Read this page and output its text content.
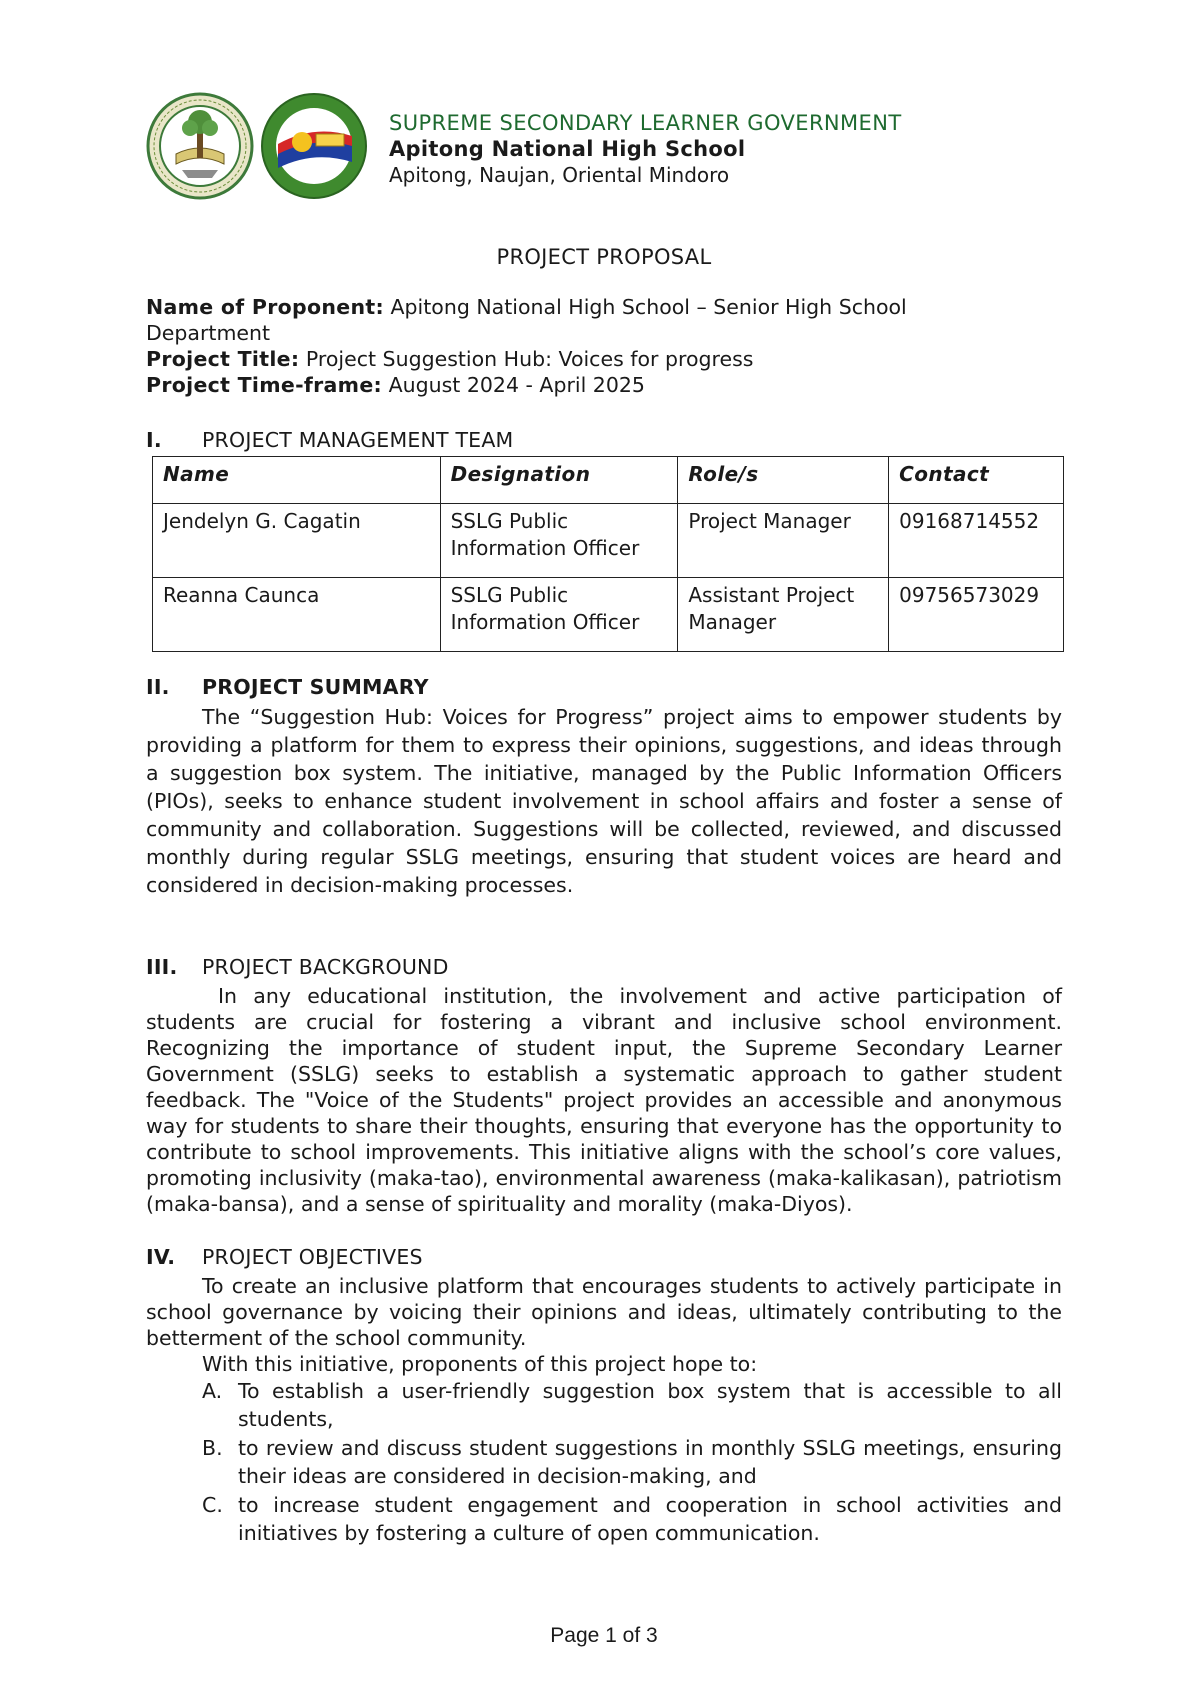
SUPREME SECONDARY LEARNER GOVERNMENT
Apitong National High School
Apitong, Naujan, Oriental Mindoro
PROJECT PROPOSAL
Name of Proponent: Apitong National High School – Senior High School Department
Project Title: Project Suggestion Hub: Voices for progress
Project Time-frame: August 2024 - April 2025
I. PROJECT MANAGEMENT TEAM
Name	Designation	Role/s	Contact
Jendelyn G. Cagatin	SSLG Public Information Officer	Project Manager	09168714552
Reanna Caunca	SSLG Public Information Officer	Assistant Project Manager	09756573029
II. PROJECT SUMMARY
The “Suggestion Hub: Voices for Progress” project aims to empower students by providing a platform for them to express their opinions, suggestions, and ideas through a suggestion box system. The initiative, managed by the Public Information Officers (PIOs), seeks to enhance student involvement in school affairs and foster a sense of community and collaboration. Suggestions will be collected, reviewed, and discussed monthly during regular SSLG meetings, ensuring that student voices are heard and considered in decision-making processes.
III. PROJECT BACKGROUND
In any educational institution, the involvement and active participation of students are crucial for fostering a vibrant and inclusive school environment. Recognizing the importance of student input, the Supreme Secondary Learner Government (SSLG) seeks to establish a systematic approach to gather student feedback. The "Voice of the Students" project provides an accessible and anonymous way for students to share their thoughts, ensuring that everyone has the opportunity to contribute to school improvements. This initiative aligns with the school’s core values, promoting inclusivity (maka-tao), environmental awareness (maka-kalikasan), patriotism (maka-bansa), and a sense of spirituality and morality (maka-Diyos).
IV. PROJECT OBJECTIVES
To create an inclusive platform that encourages students to actively participate in school governance by voicing their opinions and ideas, ultimately contributing to the betterment of the school community.
With this initiative, proponents of this project hope to:
A. To establish a user-friendly suggestion box system that is accessible to all students,
B. to review and discuss student suggestions in monthly SSLG meetings, ensuring their ideas are considered in decision-making, and
C. to increase student engagement and cooperation in school activities and initiatives by fostering a culture of open communication.
Page 1 of 3
